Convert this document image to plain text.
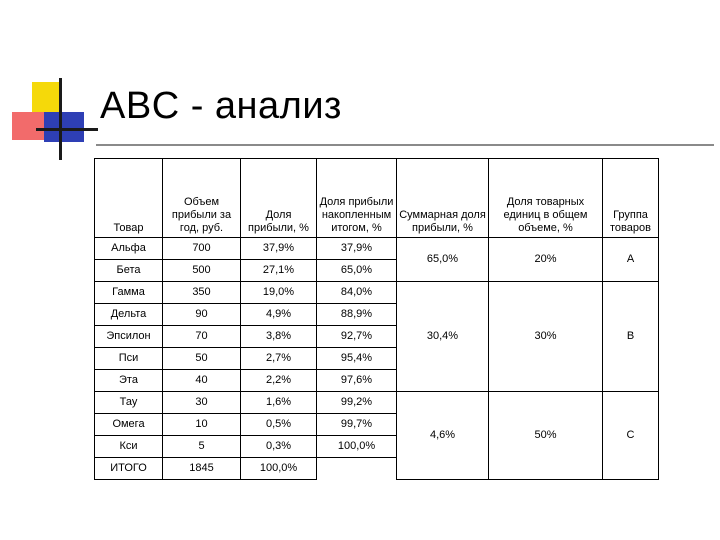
ABC - анализ
Товар	Объем прибыли за год, руб.	Доля прибыли, %	Доля прибыли накопленным итогом, %	Суммарная доля прибыли, %	Доля товарных единиц в общем объеме, %	Группа товаров
Альфа	700	37,9%	37,9%	65,0%	20%	А
Бета	500	27,1%	65,0%			
Гамма	350	19,0%	84,0%	30,4%	30%	В
Дельта	90	4,9%	88,9%			
Эпсилон	70	3,8%	92,7%			
Пси	50	2,7%	95,4%			
Эта	40	2,2%	97,6%			
Тау	30	1,6%	99,2%	4,6%	50%	С
Омега	10	0,5%	99,7%			
Кси	5	0,3%	100,0%			
ИТОГО	1845	100,0%				
